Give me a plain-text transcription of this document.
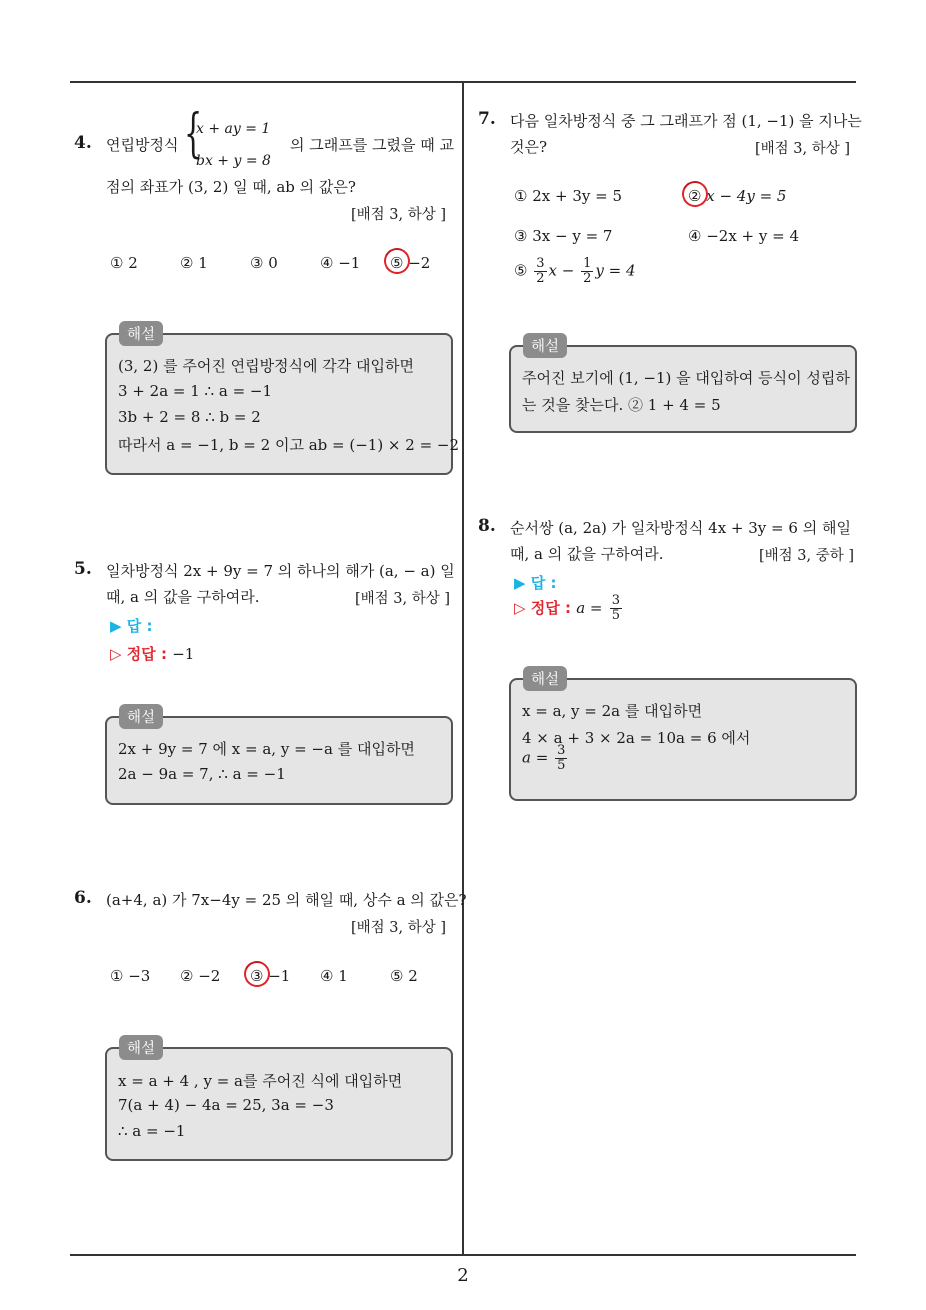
4. 연립방정식 {
x + ay = 1
bx + y = 8
의 그래프를 그렸을 때 교
점의 좌표가 (3, 2) 일 때, ab 의 값은?
[배점 3, 하상 ]
① 2	② 1	③ 0	④ −1 ⑤ −2
해설
(3, 2) 를 주어진 연립방정식에 각각 대입하면
3 + 2a = 1 ∴ a = −1
3b + 2 = 8 ∴ b = 2
따라서 a = −1, b = 2 이고 ab = (−1) × 2 = −2
5. 일차방정식 2x + 9y = 7 의 하나의 해가 (a, − a) 일
때, a 의 값을 구하여라.	[배점 3, 하상 ]
▶ 답 :
▷ 정답 : −1
해설
2x + 9y = 7 에 x = a, y = −a 를 대입하면
2a − 9a = 7, ∴ a = −1
6. (a+4, a) 가 7x−4y = 25 의 해일 때, 상수 a 의 값은?
[배점 3, 하상 ]
① −3 ② −2 ③ −1 ④ 1	⑤ 2
해설
x = a + 4 , y = a를 주어진 식에 대입하면
7(a + 4) − 4a = 25, 3a = −3
∴ a = −1
7. 다음 일차방정식 중 그 그래프가 점 (1, −1) 을 지나는
것은?	[배점 3, 하상 ]
① 2x + 3y = 5	② x − 4y = 5
③ 3x − y = 7	④ −2x + y = 4
⑤ $\frac{3}{2}$ $x - \frac{1}{2}$ y = 4
해설
주어진 보기에 (1, −1) 을 대입하여 등식이 성립하
는 것을 찾는다. ② 1 + 4 = 5
8. 순서쌍 (a, 2a) 가 일차방정식 4x + 3y = 6 의 해일
때, a 의 값을 구하여라.	[배점 3, 중하 ]
▶ 답 :
▷ 정답 : $a = \frac{3}{5}$
해설
x = a, y = 2a 를 대입하면
4 × a + 3 × 2a = 10a = 6 에서
$a = \frac{3}{5}$
2
